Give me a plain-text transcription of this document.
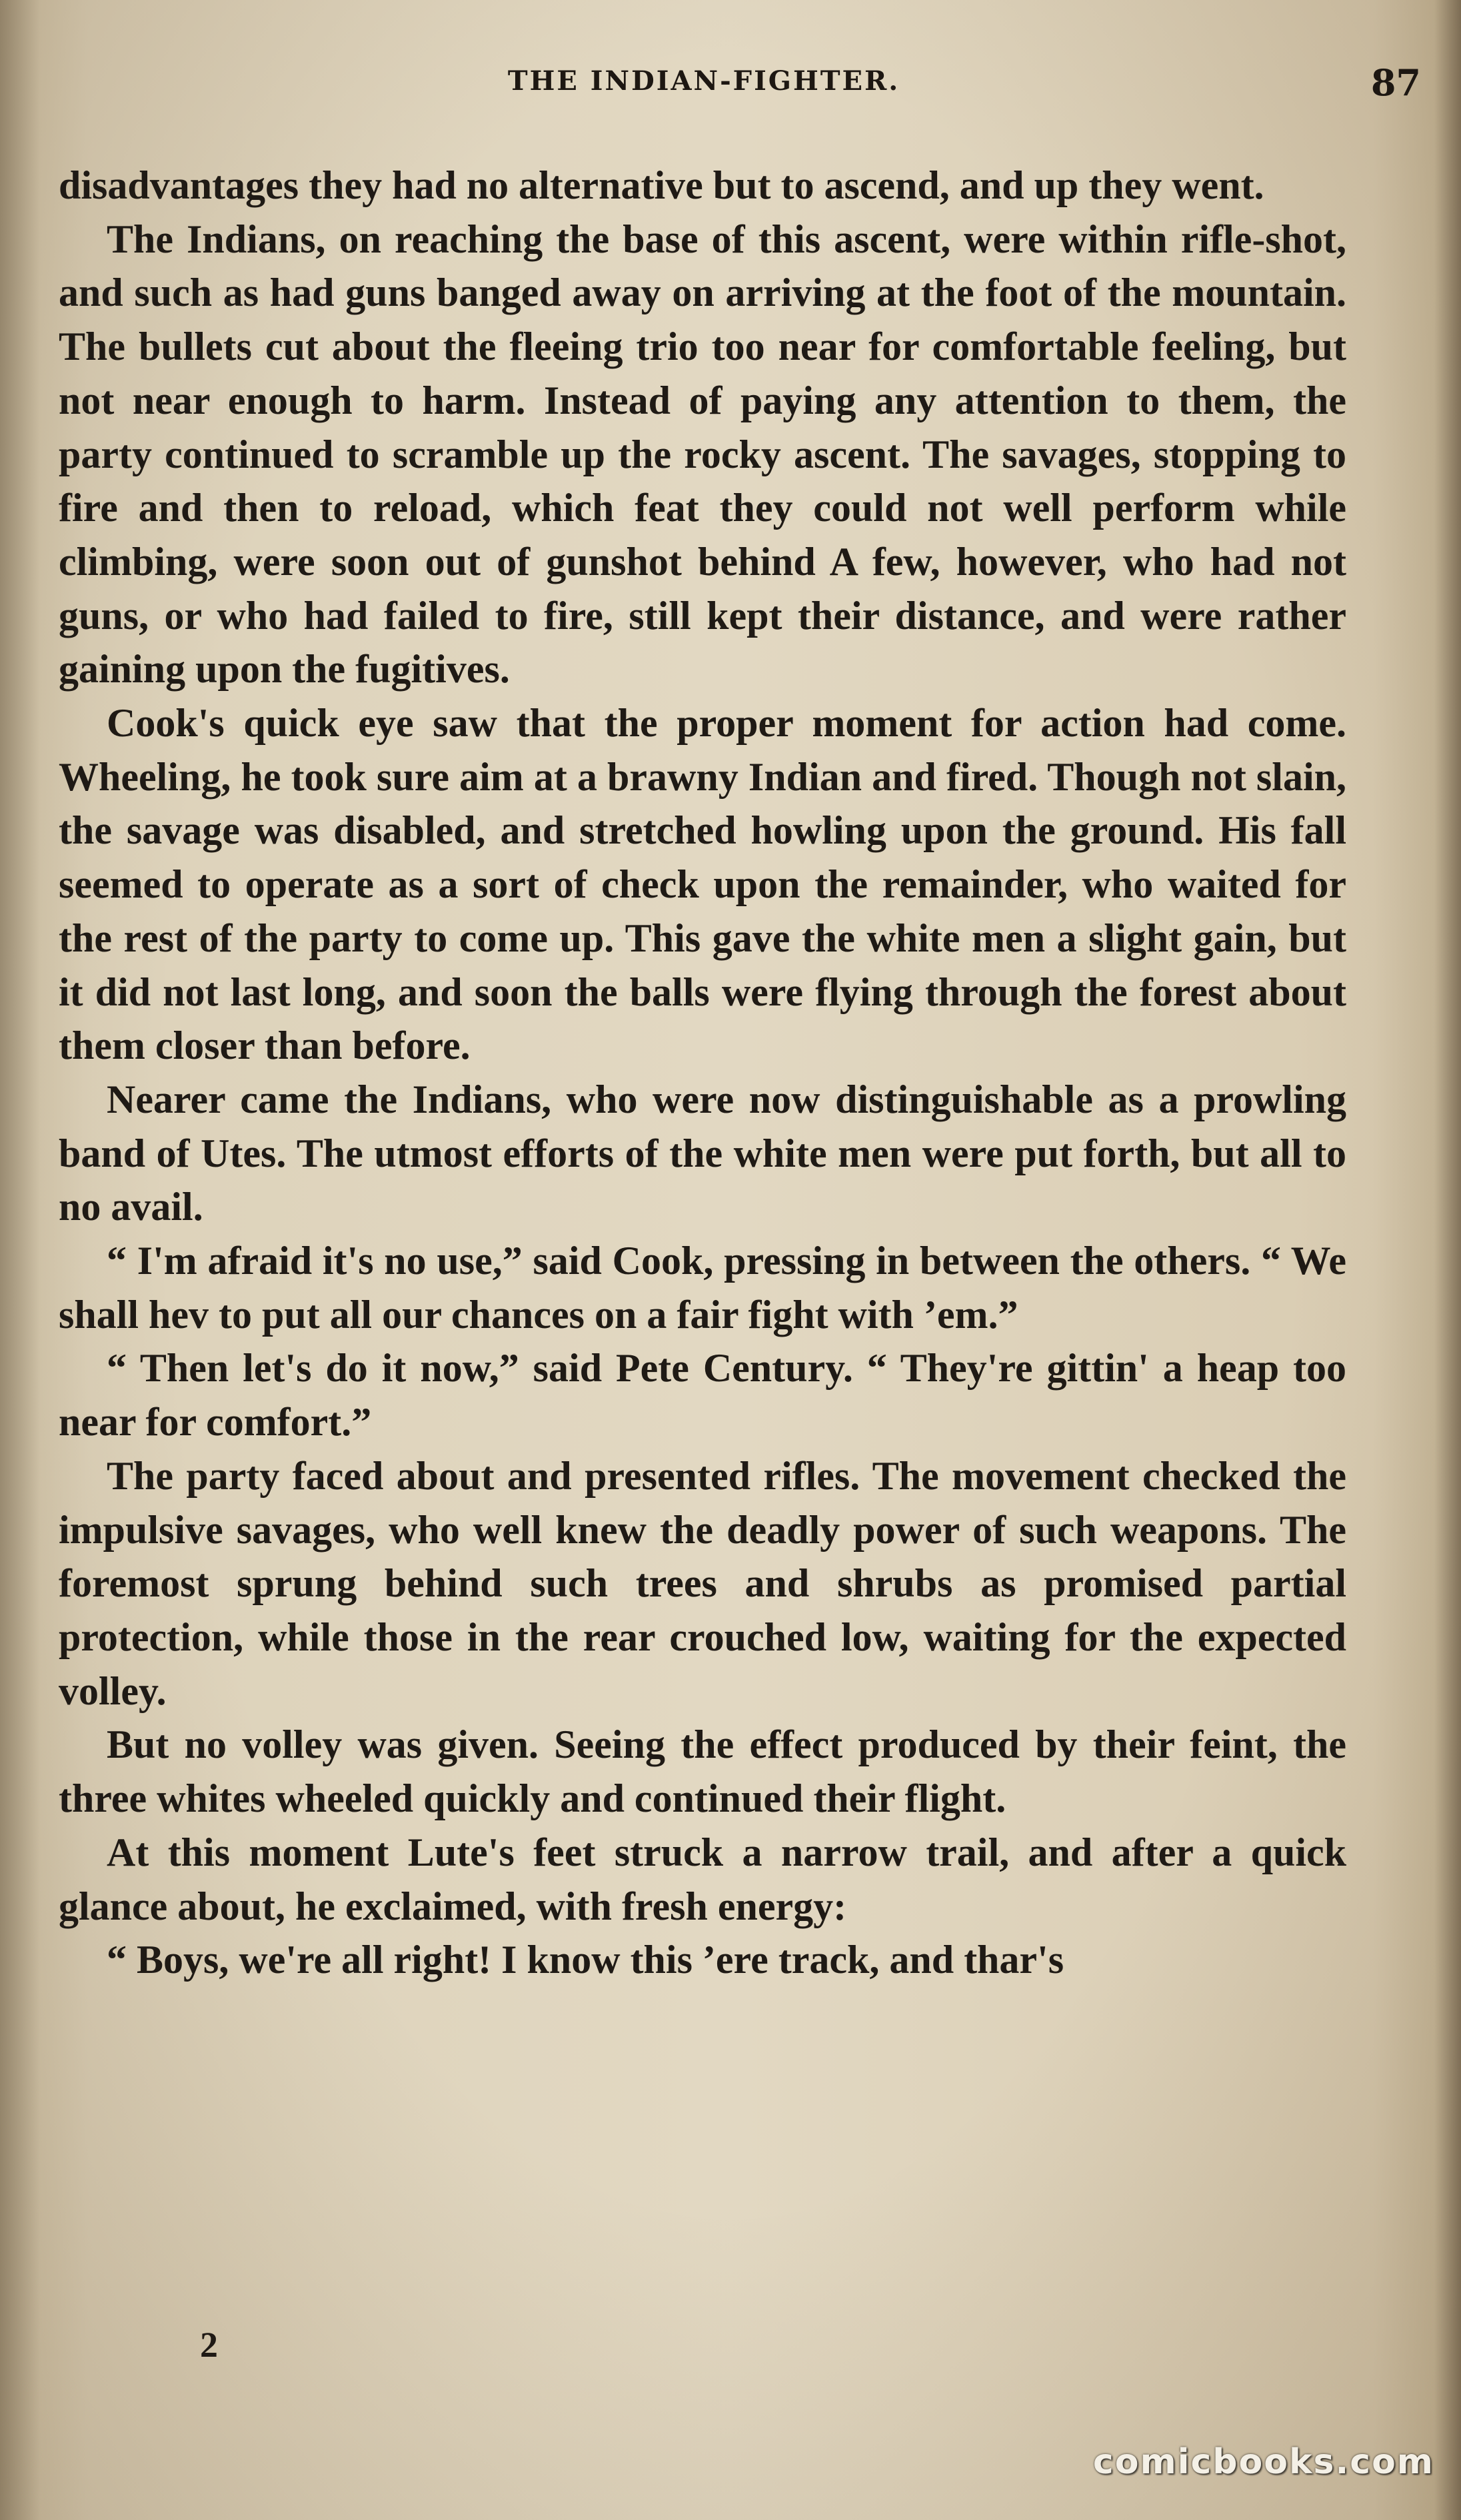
THE INDIAN-FIGHTER.	87

disadvantages they had no alternative but to ascend, and up they went.

The Indians, on reaching the base of this ascent, were within rifle-shot, and such as had guns banged away on arriving at the foot of the mountain. The bullets cut about the fleeing trio too near for comfortable feeling, but not near enough to harm. Instead of paying any attention to them, the party continued to scramble up the rocky ascent. The savages, stopping to fire and then to reload, which feat they could not well perform while climbing, were soon out of gunshot behind A few, however, who had not guns, or who had failed to fire, still kept their distance, and were rather gaining upon the fugitives.

Cook's quick eye saw that the proper moment for action had come. Wheeling, he took sure aim at a brawny Indian and fired. Though not slain, the savage was disabled, and stretched howling upon the ground. His fall seemed to operate as a sort of check upon the remainder, who waited for the rest of the party to come up. This gave the white men a slight gain, but it did not last long, and soon the balls were flying through the forest about them closer than before.

Nearer came the Indians, who were now distinguishable as a prowling band of Utes. The utmost efforts of the white men were put forth, but all to no avail.

“ I'm afraid it's no use,” said Cook, pressing in between the others. “ We shall hev to put all our chances on a fair fight with ’em.”

“ Then let's do it now,” said Pete Century. “ They're gittin' a heap too near for comfort.”

The party faced about and presented rifles. The movement checked the impulsive savages, who well knew the deadly power of such weapons. The foremost sprung behind such trees and shrubs as promised partial protection, while those in the rear crouched low, waiting for the expected volley.

But no volley was given. Seeing the effect produced by their feint, the three whites wheeled quickly and continued their flight.

At this moment Lute's feet struck a narrow trail, and after a quick glance about, he exclaimed, with fresh energy:

“ Boys, we're all right! I know this ’ere track, and thar's

2
comicbooks.com
